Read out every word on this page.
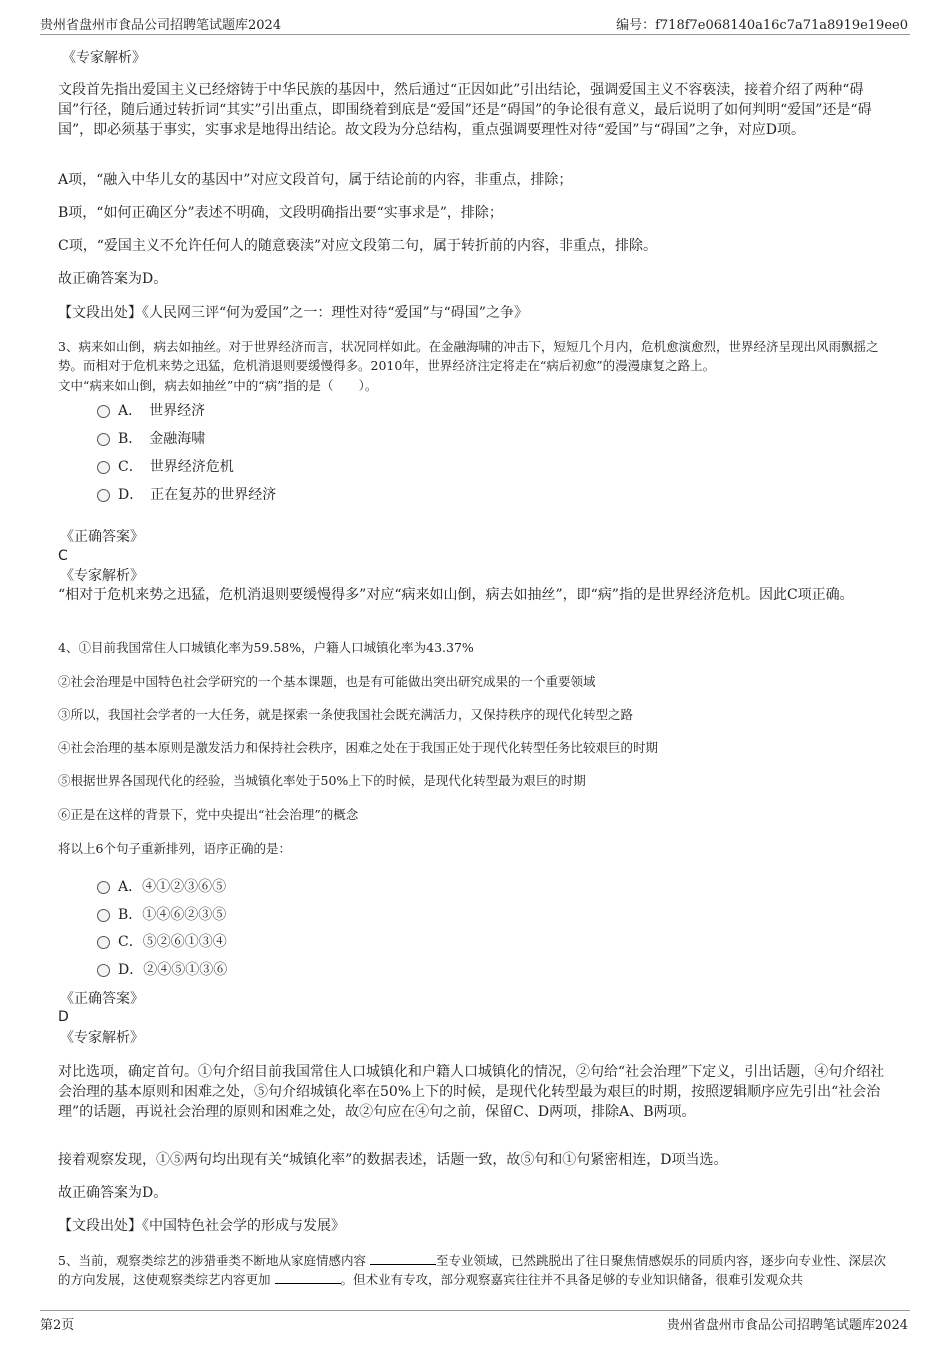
贵州省盘州市食品公司招聘笔试题库2024	编号：f718f7e068140a16c7a71a8919e19ee0
《专家解析》
文段首先指出爱国主义已经熔铸于中华民族的基因中，然后通过“正因如此”引出结论，强调爱国主义不容亵渎，接着介绍了两种“碍国”行径，随后通过转折词“其实”引出重点，即围绕着到底是“爱国”还是“碍国”的争论很有意义，最后说明了如何判明“爱国”还是“碍国”，即必须基于事实，实事求是地得出结论。故文段为分总结构，重点强调要理性对待“爱国”与“碍国”之争，对应D项。
A项，“融入中华儿女的基因中”对应文段首句，属于结论前的内容，非重点，排除；
B项，“如何正确区分”表述不明确，文段明确指出要“实事求是”，排除；
C项，“爱国主义不允许任何人的随意亵渎”对应文段第二句，属于转折前的内容，非重点，排除。
故正确答案为D。
【文段出处】《人民网三评“何为爱国”之一：理性对待“爱国”与“碍国”之争》
3、病来如山倒，病去如抽丝。对于世界经济而言，状况同样如此。在金融海啸的冲击下，短短几个月内，危机愈演愈烈，世界经济呈现出风雨飘摇之势。而相对于危机来势之迅猛，危机消退则要缓慢得多。2010年，世界经济注定将走在“病后初愈”的漫漫康复之路上。
文中“病来如山倒，病去如抽丝”中的“病”指的是（　　）。
A．　世界经济
B．　金融海啸
C．　世界经济危机
D．　正在复苏的世界经济
《正确答案》
C
《专家解析》
“相对于危机来势之迅猛，危机消退则要缓慢得多”对应“病来如山倒，病去如抽丝”，即“病”指的是世界经济危机。因此C项正确。
4、①目前我国常住人口城镇化率为59.58%，户籍人口城镇化率为43.37%
②社会治理是中国特色社会学研究的一个基本课题，也是有可能做出突出研究成果的一个重要领域
③所以，我国社会学者的一大任务，就是探索一条使我国社会既充满活力，又保持秩序的现代化转型之路
④社会治理的基本原则是激发活力和保持社会秩序，困难之处在于我国正处于现代化转型任务比较艰巨的时期
⑤根据世界各国现代化的经验，当城镇化率处于50%上下的时候，是现代化转型最为艰巨的时期
⑥正是在这样的背景下，党中央提出“社会治理”的概念
将以上6个句子重新排列，语序正确的是：
A．④①②③⑥⑤
B．①④⑥②③⑤
C．⑤②⑥①③④
D．②④⑤①③⑥
《正确答案》
D
《专家解析》
对比选项，确定首句。①句介绍目前我国常住人口城镇化和户籍人口城镇化的情况，②句给“社会治理”下定义，引出话题，④句介绍社会治理的基本原则和困难之处，⑤句介绍城镇化率在50%上下的时候，是现代化转型最为艰巨的时期，按照逻辑顺序应先引出“社会治理”的话题，再说社会治理的原则和困难之处，故②句应在④句之前，保留C、D两项，排除A、B两项。
接着观察发现，①⑤两句均出现有关“城镇化率”的数据表述，话题一致，故⑤句和①句紧密相连，D项当选。
故正确答案为D。
【文段出处】《中国特色社会学的形成与发展》
5、当前，观察类综艺的涉猎垂类不断地从家庭情感内容	至专业领域，已然跳脱出了往日聚焦情感娱乐的同质内容，逐步向专业性、深层次的方向发展，这使观察类综艺内容更加	。但术业有专攻，部分观察嘉宾往往并不具备足够的专业知识储备，很难引发观众共
第2页	贵州省盘州市食品公司招聘笔试题库2024
